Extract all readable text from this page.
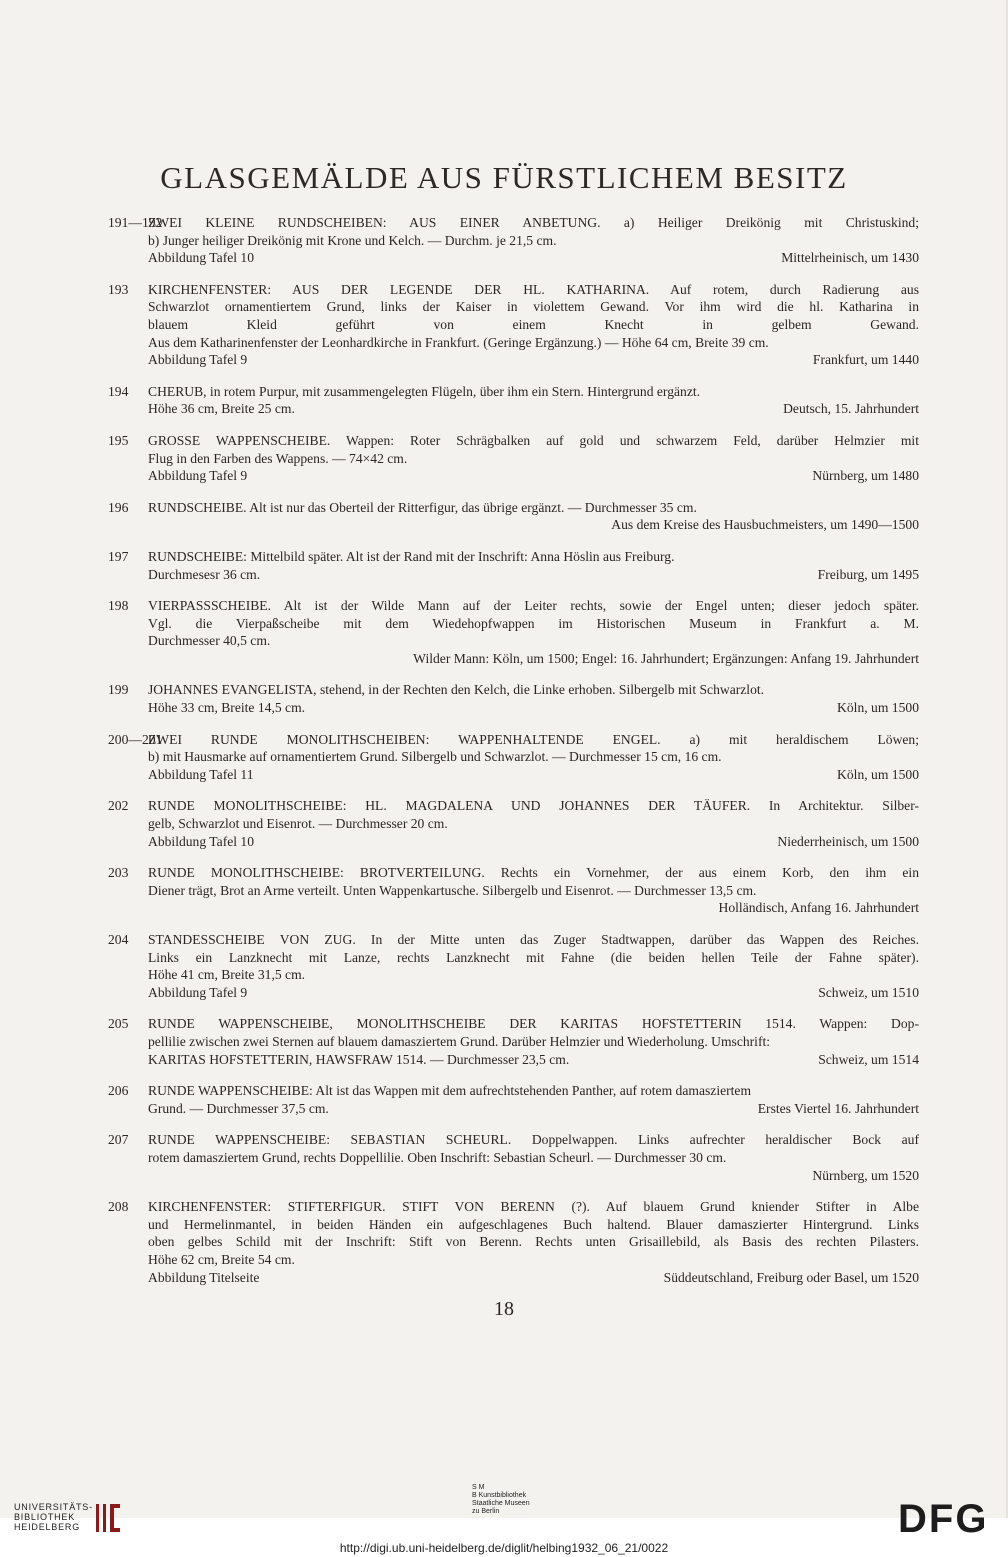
GLASGEMÄLDE AUS FÜRSTLICHEM BESITZ
191—192
ZWEI KLEINE RUNDSCHEIBEN: AUS EINER ANBETUNG. a) Heiliger Dreikönig mit Christuskind;
b) Junger heiliger Dreikönig mit Krone und Kelch. — Durchm. je 21,5 cm.
Abbildung Tafel 10	Mittelrheinisch, um 1430
193 KIRCHENFENSTER: AUS DER LEGENDE DER HL. KATHARINA. Auf rotem, durch Radierung aus
Schwarzlot ornamentiertem Grund, links der Kaiser in violettem Gewand. Vor ihm wird die hl. Katharina in
blauem Kleid geführt von einem Knecht in gelbem Gewand.
Aus dem Katharinenfenster der Leonhardkirche in Frankfurt. (Geringe Ergänzung.) — Höhe 64 cm, Breite 39 cm.
Abbildung Tafel 9	Frankfurt, um 1440
194 CHERUB, in rotem Purpur, mit zusammengelegten Flügeln, über ihm ein Stern. Hintergrund ergänzt.
Höhe 36 cm, Breite 25 cm.	Deutsch, 15. Jahrhundert
195 GROSSE WAPPENSCHEIBE. Wappen: Roter Schrägbalken auf gold und schwarzem Feld, darüber Helmzier mit
Flug in den Farben des Wappens. — 74×42 cm.
Abbildung Tafel 9	Nürnberg, um 1480
196 RUNDSCHEIBE. Alt ist nur das Oberteil der Ritterfigur, das übrige ergänzt. — Durchmesser 35 cm.
Aus dem Kreise des Hausbuchmeisters, um 1490—1500
197 RUNDSCHEIBE: Mittelbild später. Alt ist der Rand mit der Inschrift: Anna Höslin aus Freiburg.
Durchmesesr 36 cm.	Freiburg, um 1495
198 VIERPASSSCHEIBE. Alt ist der Wilde Mann auf der Leiter rechts, sowie der Engel unten; dieser jedoch später.
Vgl. die Vierpaßscheibe mit dem Wiedehopfwappen im Historischen Museum in Frankfurt a. M.
Durchmesser 40,5 cm.
Wilder Mann: Köln, um 1500; Engel: 16. Jahrhundert; Ergänzungen: Anfang 19. Jahrhundert
199 JOHANNES EVANGELISTA, stehend, in der Rechten den Kelch, die Linke erhoben. Silbergelb mit Schwarzlot.
Höhe 33 cm, Breite 14,5 cm.	Köln, um 1500
200—201
ZWEI RUNDE MONOLITHSCHEIBEN: WAPPENHALTENDE ENGEL. a) mit heraldischem Löwen;
b) mit Hausmarke auf ornamentiertem Grund. Silbergelb und Schwarzlot. — Durchmesser 15 cm, 16 cm.
Abbildung Tafel 11	Köln, um 1500
202 RUNDE MONOLITHSCHEIBE: HL. MAGDALENA UND JOHANNES DER TÄUFER. In Architektur. Silber-
gelb, Schwarzlot und Eisenrot. — Durchmesser 20 cm.
Abbildung Tafel 10	Niederrheinisch, um 1500
203 RUNDE MONOLITHSCHEIBE: BROTVERTEILUNG. Rechts ein Vornehmer, der aus einem Korb, den ihm ein
Diener trägt, Brot an Arme verteilt. Unten Wappenkartusche. Silbergelb und Eisenrot. — Durchmesser 13,5 cm.
Holländisch, Anfang 16. Jahrhundert
204 STANDESSCHEIBE VON ZUG. In der Mitte unten das Zuger Stadtwappen, darüber das Wappen des Reiches.
Links ein Lanzknecht mit Lanze, rechts Lanzknecht mit Fahne (die beiden hellen Teile der Fahne später).
Höhe 41 cm, Breite 31,5 cm.
Abbildung Tafel 9	Schweiz, um 1510
205 RUNDE WAPPENSCHEIBE, MONOLITHSCHEIBE DER KARITAS HOFSTETTERIN 1514. Wappen: Dop-
pellilie zwischen zwei Sternen auf blauem damasziertem Grund. Darüber Helmzier und Wiederholung. Umschrift:
KARITAS HOFSTETTERIN, HAWSFRAW 1514. — Durchmesser 23,5 cm.	Schweiz, um 1514
206 RUNDE WAPPENSCHEIBE: Alt ist das Wappen mit dem aufrechtstehenden Panther, auf rotem damasziertem
Grund. — Durchmesser 37,5 cm.	Erstes Viertel 16. Jahrhundert
207 RUNDE WAPPENSCHEIBE: SEBASTIAN SCHEURL. Doppelwappen. Links aufrechter heraldischer Bock auf
rotem damasziertem Grund, rechts Doppellilie. Oben Inschrift: Sebastian Scheurl. — Durchmesser 30 cm.
Nürnberg, um 1520
208 KIRCHENFENSTER: STIFTERFIGUR. STIFT VON BERENN (?). Auf blauem Grund kniender Stifter in Albe
und Hermelinmantel, in beiden Händen ein aufgeschlagenes Buch haltend. Blauer damaszierter Hintergrund. Links
oben gelbes Schild mit der Inschrift: Stift von Berenn. Rechts unten Grisaillebild, als Basis des rechten Pilasters.
Höhe 62 cm, Breite 54 cm.
Abbildung Titelseite	Süddeutschland, Freiburg oder Basel, um 1520
18
UNIVERSITÄTS-
BIBLIOTHEK
HEIDELBERG
S M
B Kunstbibliothek
Staatliche Museen
zu Berlin	DFG
http://digi.ub.uni-heidelberg.de/diglit/helbing1932_06_21/0022
